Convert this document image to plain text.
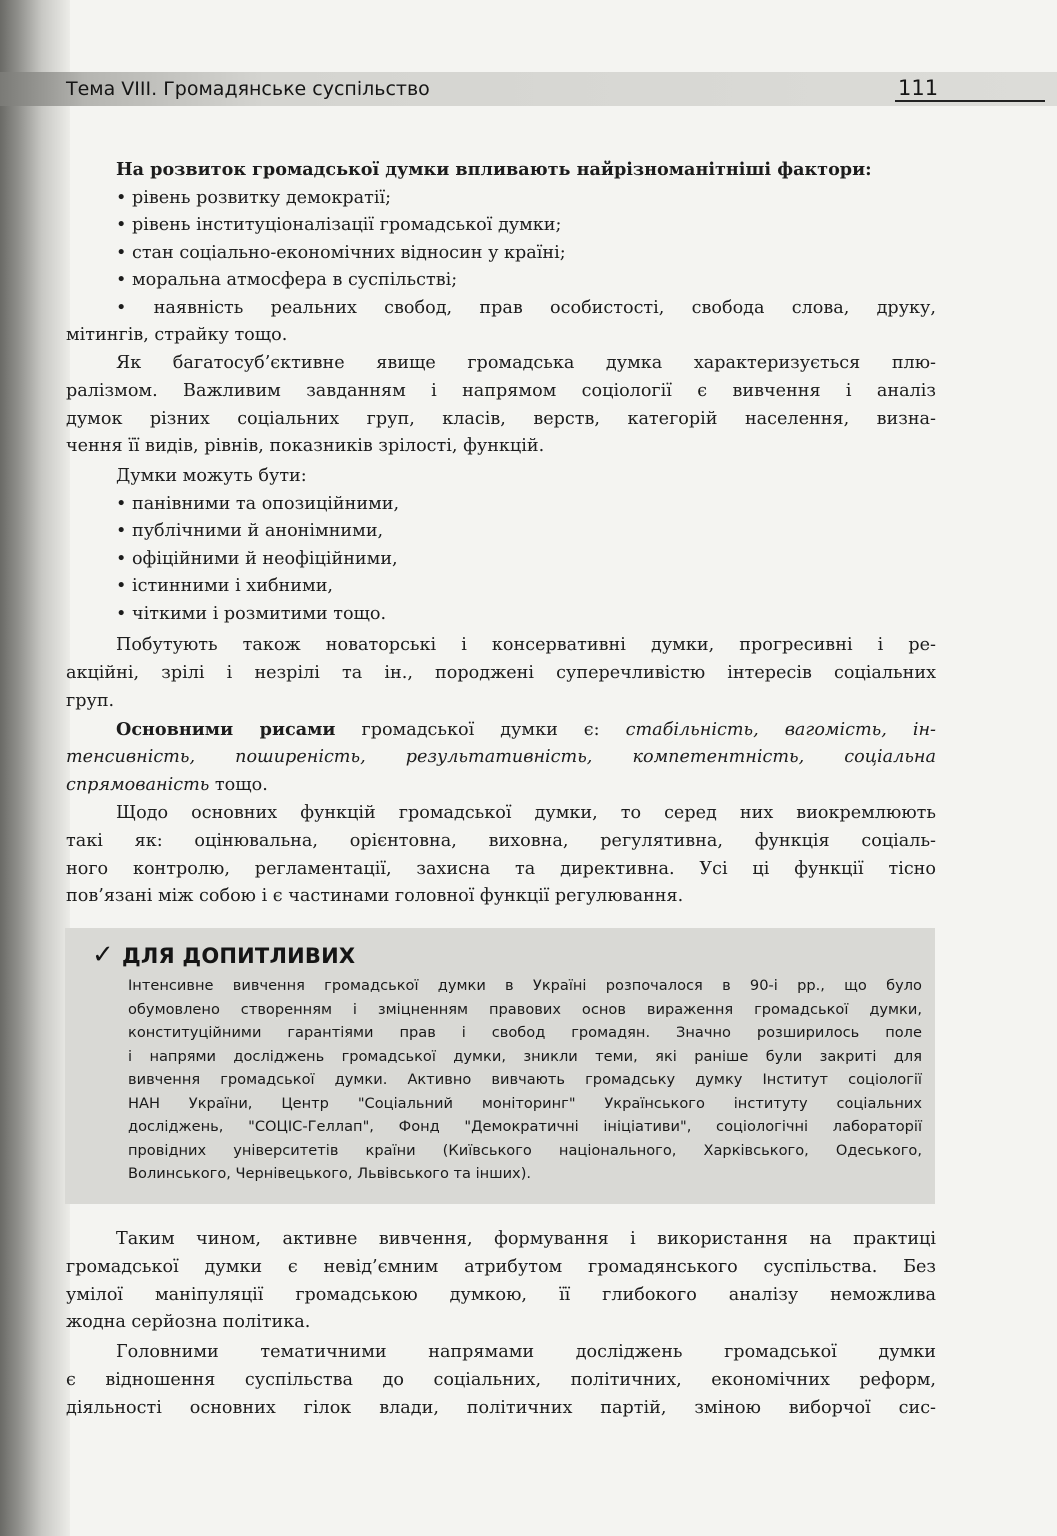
Тема VIII. Громадянське суспільство	111
На розвиток громадської думки впливають найрізноманітніші фактори:
• рівень розвитку демократії;
• рівень інституціоналізації громадської думки;
• стан соціально-економічних відносин у країні;
• моральна атмосфера в суспільстві;
• наявність реальних свобод, прав особистості, свобода слова, друку,
мітингів, страйку тощо.
Як багатосуб’єктивне явище громадська думка характеризується плю-
ралізмом. Важливим завданням і напрямом соціології є вивчення і аналіз
думок різних соціальних груп, класів, верств, категорій населення, визна-
чення її видів, рівнів, показників зрілості, функцій.
Думки можуть бути:
• панівними та опозиційними,
• публічними й анонімними,
• офіційними й неофіційними,
• істинними і хибними,
• чіткими і розмитими тощо.
Побутують також новаторські і консервативні думки, прогресивні і ре-
акційні, зрілі і незрілі та ін., породжені суперечливістю інтересів соціальних
груп.
Основними рисами громадської думки є: стабільність, вагомість, ін-
тенсивність, поширеність, результативність, компетентність, соціальна
спрямованість тощо.
Щодо основних функцій громадської думки, то серед них виокремлюють
такі як: оцінювальна, орієнтовна, виховна, регулятивна, функція соціаль-
ного контролю, регламентації, захисна та директивна. Усі ці функції тісно
пов’язані між собою і є частинами головної функції регулювання.
✓ ДЛЯ ДОПИТЛИВИХ
Інтенсивне вивчення громадської думки в Україні розпочалося в 90-і рр., що було
обумовлено створенням і зміцненням правових основ вираження громадської думки,
конституційними гарантіями прав і свобод громадян. Значно розширилось поле
і напрями досліджень громадської думки, зникли теми, які раніше були закриті для
вивчення громадської думки. Активно вивчають громадську думку Інститут соціології
НАН України, Центр "Соціальний моніторинг" Українського інституту соціальних
досліджень, "СОЦІС-Геллап", Фонд "Демократичні ініціативи", соціологічні лабораторії
провідних університетів країни (Київського національного, Харківського, Одеського,
Волинського, Чернівецького, Львівського та інших).
Таким чином, активне вивчення, формування і використання на практиці
громадської думки є невід’ємним атрибутом громадянського суспільства. Без
умілої маніпуляції громадською думкою, її глибокого аналізу неможлива
жодна серйозна політика.
Головними тематичними напрямами досліджень громадської думки
є відношення суспільства до соціальних, політичних, економічних реформ,
діяльності основних гілок влади, політичних партій, зміною виборчої сис-
